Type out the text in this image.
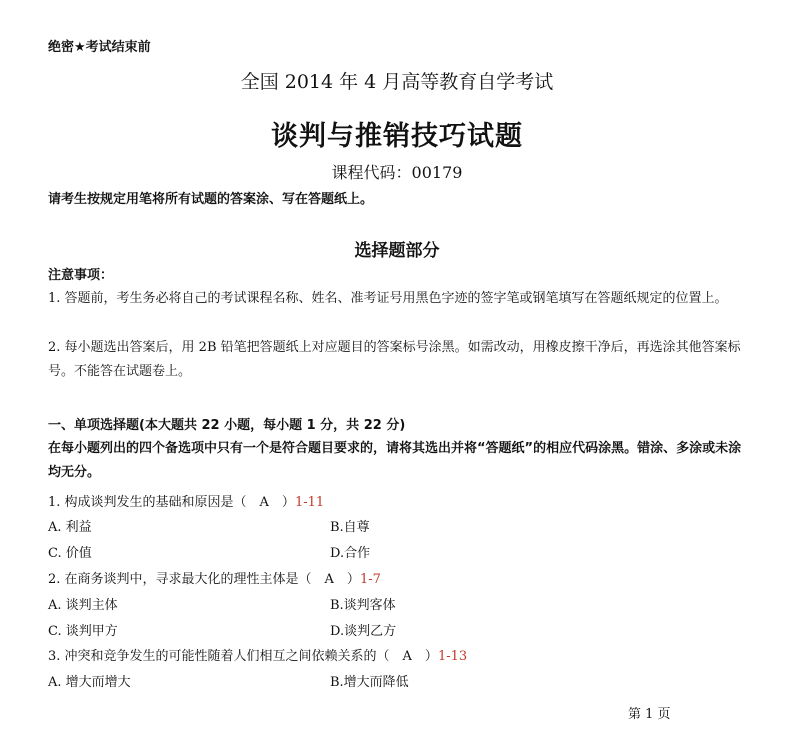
绝密★考试结束前
全国 2014 年 4 月高等教育自学考试
谈判与推销技巧试题
课程代码：00179
请考生按规定用笔将所有试题的答案涂、写在答题纸上。
选择题部分
注意事项：
1. 答题前，考生务必将自己的考试课程名称、姓名、准考证号用黑色字迹的签字笔或钢笔填写在答题纸规定的位置上。
2. 每小题选出答案后，用 2B 铅笔把答题纸上对应题目的答案标号涂黑。如需改动，用橡皮擦干净后，再选涂其他答案标号。不能答在试题卷上。
一、单项选择题(本大题共 22 小题，每小题 1 分，共 22 分)
在每小题列出的四个备选项中只有一个是符合题目要求的，请将其选出并将“答题纸”的相应代码涂黑。错涂、多涂或未涂均无分。
1. 构成谈判发生的基础和原因是（　A　）1-11
A. 利益	B.自尊
C. 价值	D.合作
2. 在商务谈判中，寻求最大化的理性主体是（　A　）1-7
A. 谈判主体	B.谈判客体
C. 谈判甲方	D.谈判乙方
3. 冲突和竞争发生的可能性随着人们相互之间依赖关系的（　A　）1-13
A. 增大而增大	B.增大而降低
第 1 页
